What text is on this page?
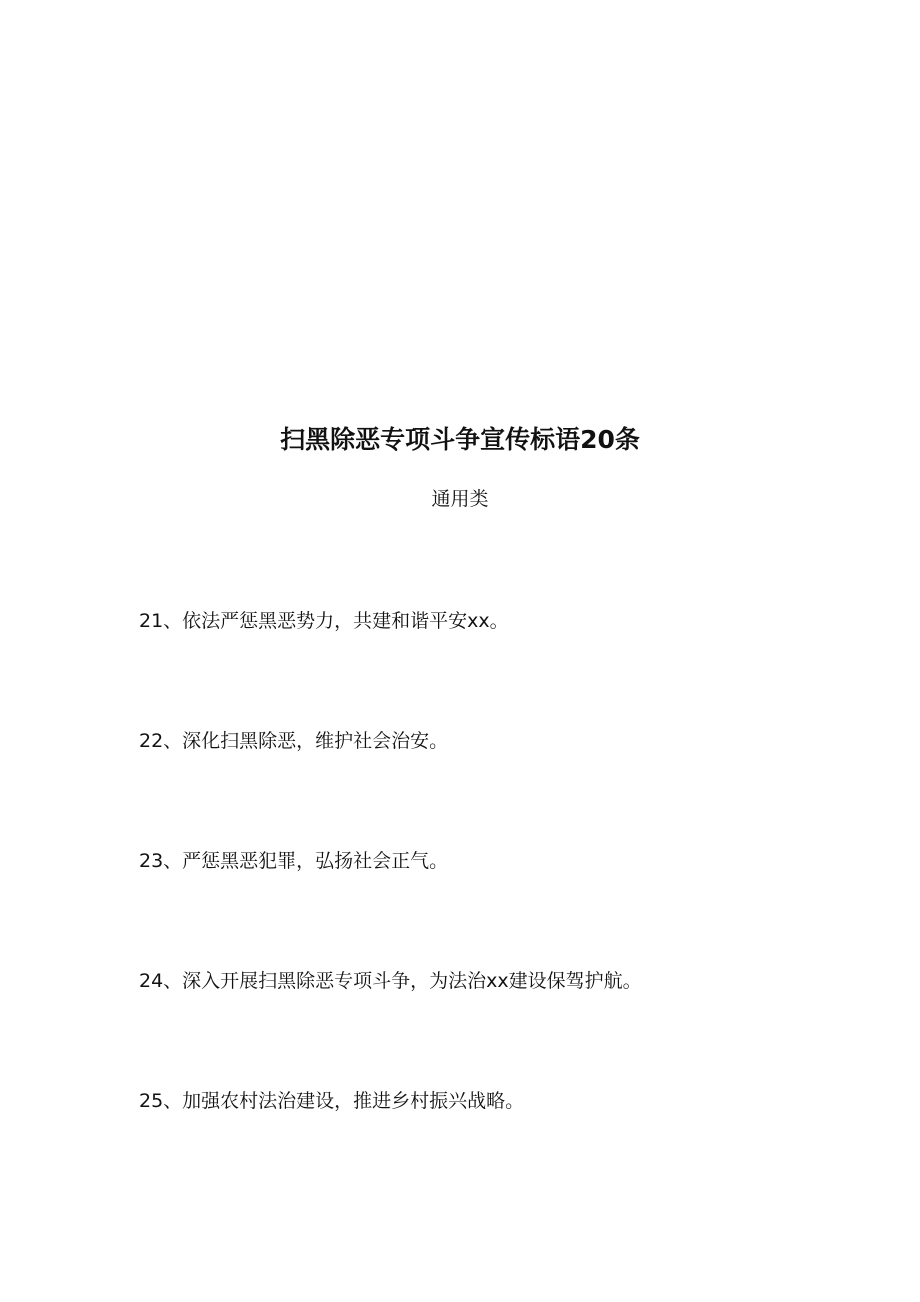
扫黑除恶专项斗争宣传标语20条
通用类
21、依法严惩黑恶势力，共建和谐平安xx。
22、深化扫黑除恶，维护社会治安。
23、严惩黑恶犯罪，弘扬社会正气。
24、深入开展扫黑除恶专项斗争，为法治xx建设保驾护航。
25、加强农村法治建设，推进乡村振兴战略。
